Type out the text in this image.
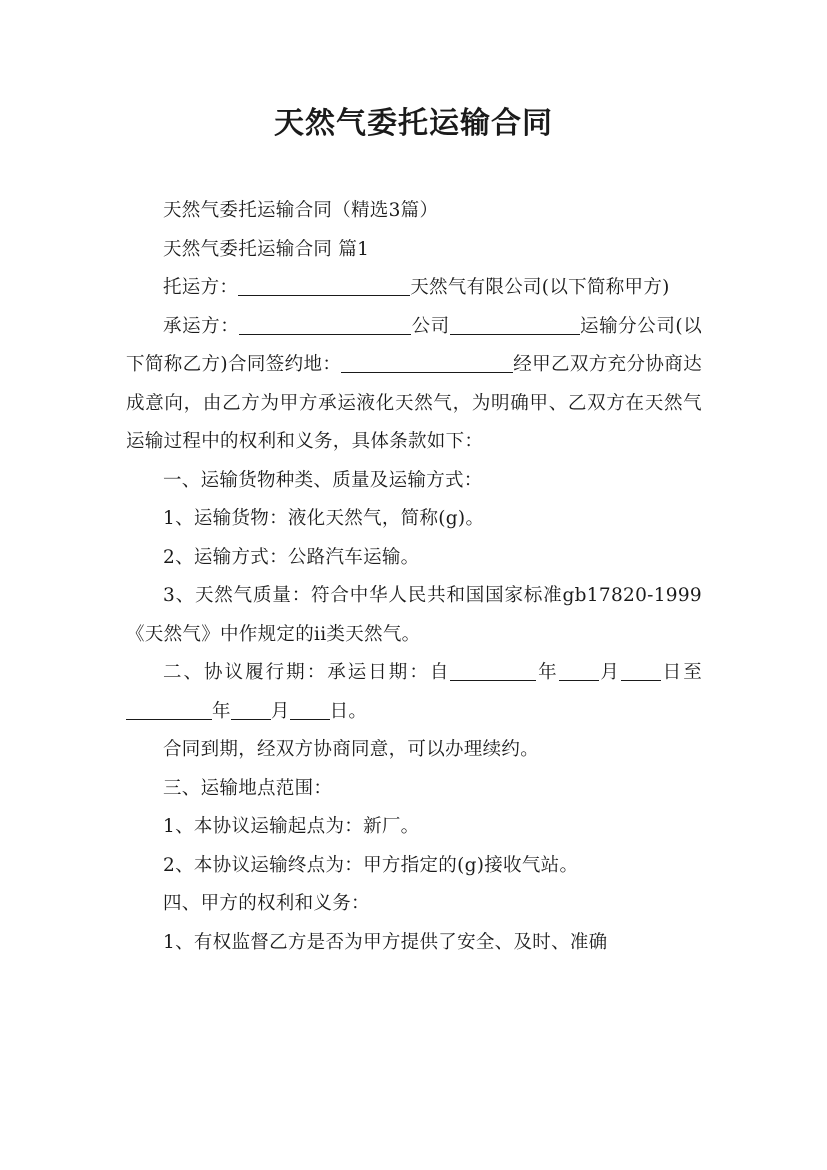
天然气委托运输合同

天然气委托运输合同（精选3篇）

天然气委托运输合同 篇1

托运方：	天然气有限公司(以下简称甲方)

承运方：	公司	运输分公司(以下简称乙方)合同签约地：	经甲乙双方充分协商达成意向，由乙方为甲方承运液化天然气，为明确甲、乙双方在天然气运输过程中的权利和义务，具体条款如下：

一、运输货物种类、质量及运输方式：

1、运输货物：液化天然气，简称(g)。

2、运输方式：公路汽车运输。

3、天然气质量：符合中华人民共和国国家标准gb17820-1999《天然气》中作规定的ii类天然气。

二、协议履行期：承运日期：自	年 月 日至年 月 日。

合同到期，经双方协商同意，可以办理续约。

三、运输地点范围：

1、本协议运输起点为：新厂。

2、本协议运输终点为：甲方指定的(g)接收气站。

四、甲方的权利和义务：

1、有权监督乙方是否为甲方提供了安全、及时、准确
